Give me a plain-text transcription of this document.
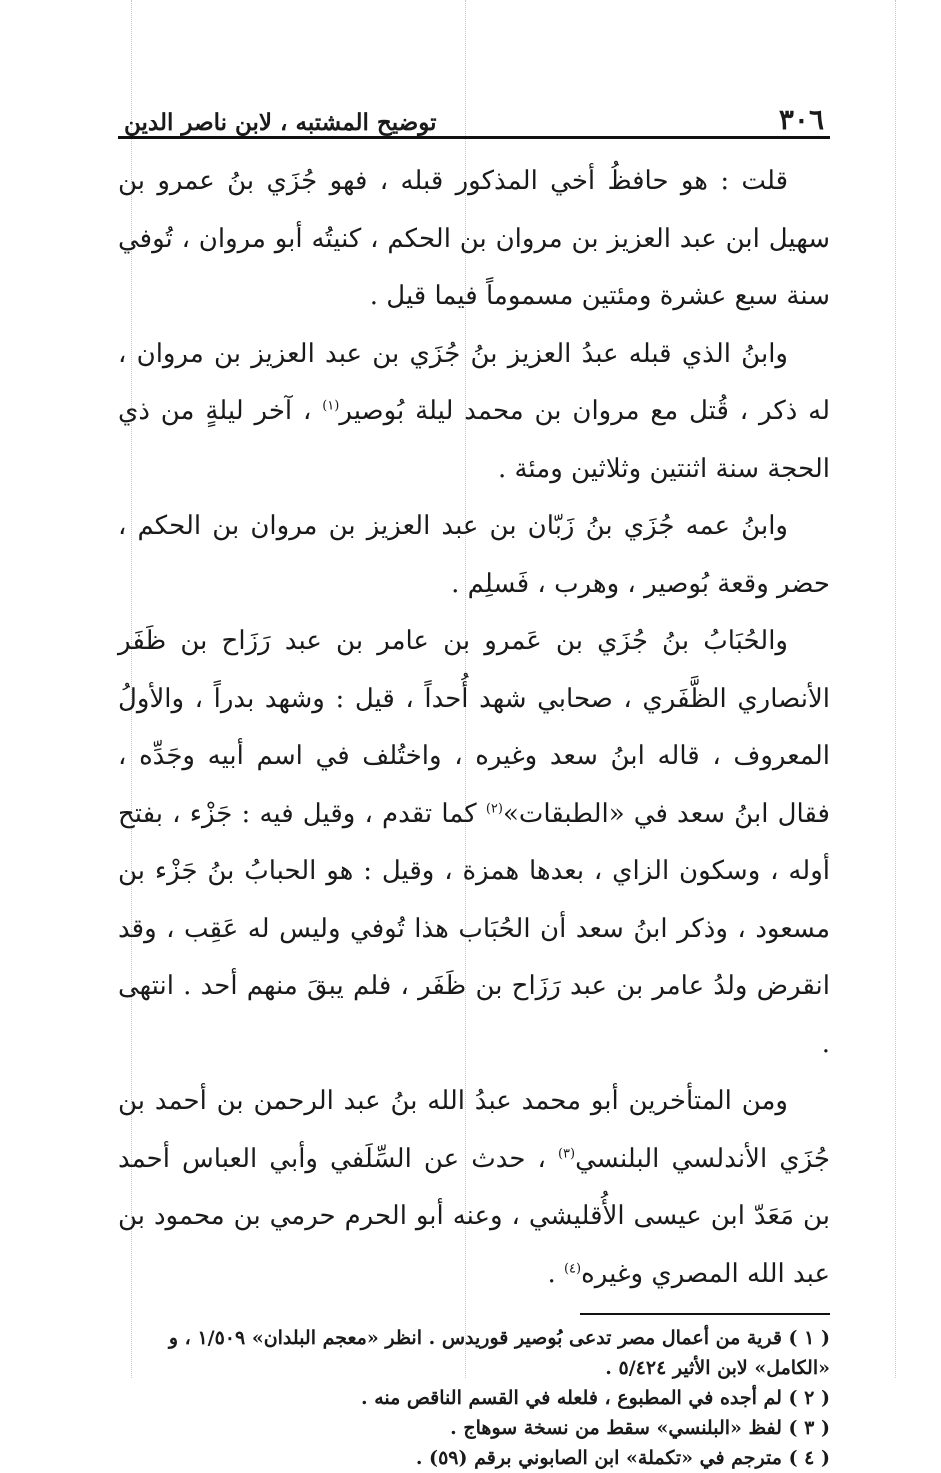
٣٠٦
توضيح المشتبه ، لابن ناصر الدين

قلت : هو حافظُ أخي المذكور قبله ، فهو جُزَي بنُ عمرو بن سهيل ابن عبد العزيز بن مروان بن الحكم ، كنيتُه أبو مروان ، تُوفي سنة سبع عشرة ومئتين مسموماً فيما قيل .

وابنُ الذي قبله عبدُ العزيز بنُ جُزَي بن عبد العزيز بن مروان ، له ذكر ، قُتل مع مروان بن محمد ليلة بُوصير$^{(١)}$ ، آخر ليلةٍ من ذي الحجة سنة اثنتين وثلاثين ومئة .

وابنُ عمه جُزَي بنُ زَبّان بن عبد العزيز بن مروان بن الحكم ، حضر وقعة بُوصير ، وهرب ، فَسلِم .

والحُبَابُ بنُ جُزَي بن عَمرو بن عامر بن عبد رَزَاح بن ظَفَر الأنصاري الظَّفَري ، صحابي شهد أُحداً ، قيل : وشهد بدراً ، والأولُ المعروف ، قاله ابنُ سعد وغيره ، واختُلف في اسم أبيه وجَدِّه ، فقال ابنُ سعد في «الطبقات»$^{(٢)}$ كما تقدم ، وقيل فيه : جَزْء ، بفتح أوله ، وسكون الزاي ، بعدها همزة ، وقيل : هو الحبابُ بنُ جَزْء بن مسعود ، وذكر ابنُ سعد أن الحُبَاب هذا تُوفي وليس له عَقِب ، وقد انقرض ولدُ عامر بن عبد رَزَاح بن ظَفَر ، فلم يبقَ منهم أحد . انتهى .

ومن المتأخرين أبو محمد عبدُ الله بنُ عبد الرحمن بن أحمد بن جُزَي الأندلسي البلنسي$^{(٣)}$ ، حدث عن السِّلَفي وأبي العباس أحمد بن مَعَدّ ابن عيسى الأُقليشي ، وعنه أبو الحرم حرمي بن محمود بن عبد الله المصري وغيره$^{(٤)}$ .

( ١ ) قرية من أعمال مصر تدعى بُوصير قوريدس . انظر «معجم البلدان» ١/٥٠٩ ، و «الكامل» لابن الأثير ٥/٤٢٤ .
( ٢ ) لم أجده في المطبوع ، فلعله في القسم الناقص منه .
( ٣ ) لفظ «البلنسي» سقط من نسخة سوهاج .
( ٤ ) مترجم في «تكملة» ابن الصابوني برقم (٥٩) .
